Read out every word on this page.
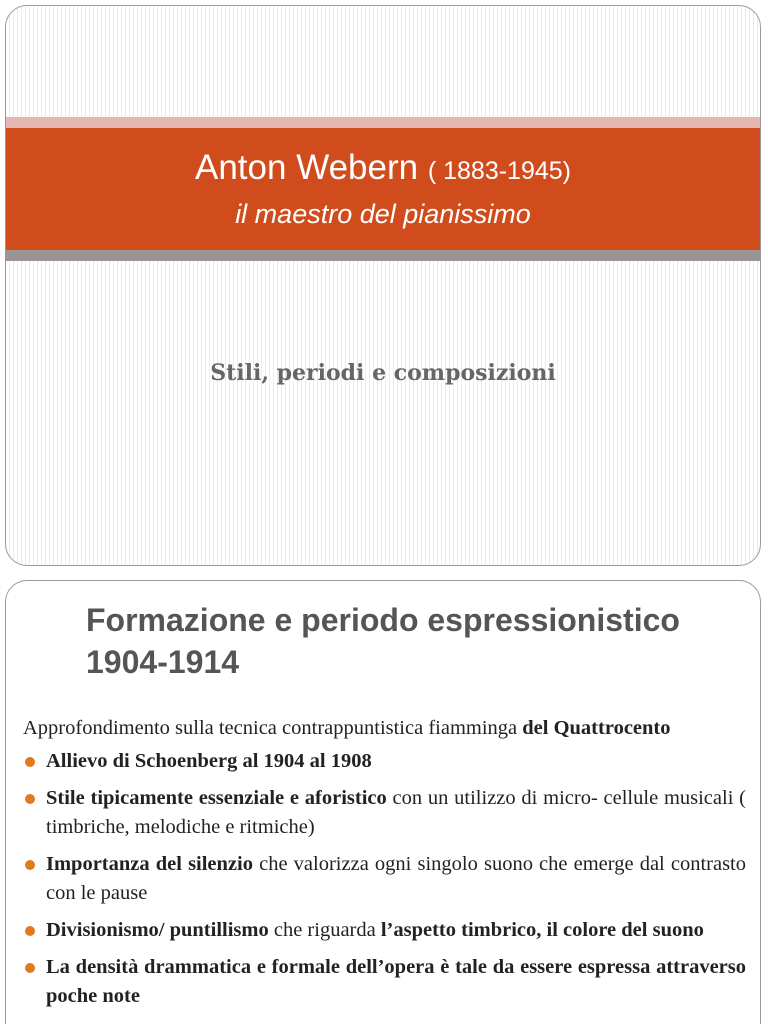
Anton Webern ( 1883-1945)
il maestro del pianissimo
Stili, periodi e composizioni
Formazione e periodo espressionistico
1904-1914

Approfondimento sulla tecnica contrappuntistica fiamminga del Quattrocento

Allievo di Schoenberg al 1904 al 1908
Stile tipicamente essenziale e aforistico con un utilizzo di micro- cellule musicali ( timbriche, melodiche e ritmiche)
Importanza del silenzio che valorizza ogni singolo suono che emerge dal contrasto con le pause
Divisionismo/ puntillismo che riguarda l’aspetto timbrico, il colore del suono
La densità drammatica e formale dell’opera è tale da essere espressa attraverso poche note
